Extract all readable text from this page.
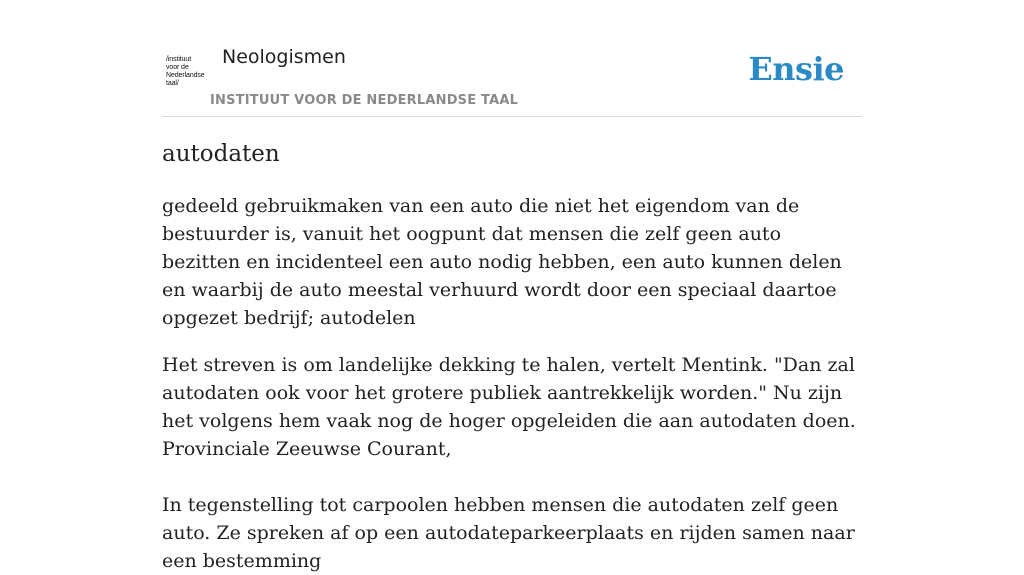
/instituut
voor de
Nederlandse
taal/
Neologismen
INSTITUUT VOOR DE NEDERLANDSE TAAL
Ensie
autodaten

gedeeld gebruikmaken van een auto die niet het eigendom van de bestuurder is, vanuit het oogpunt dat mensen die zelf geen auto bezitten en incidenteel een auto nodig hebben, een auto kunnen delen en waarbij de auto meestal verhuurd wordt door een speciaal daartoe opgezet bedrijf; autodelen

Het streven is om landelijke dekking te halen, vertelt Mentink. "Dan zal autodaten ook voor het grotere publiek aantrekkelijk worden." Nu zijn het volgens hem vaak nog de hoger opgeleiden die aan autodaten doen.

Provinciale Zeeuwse Courant,

In tegenstelling tot carpoolen hebben mensen die autodaten zelf geen auto. Ze spreken af op een autodateparkeerplaats en rijden samen naar een bestemming
